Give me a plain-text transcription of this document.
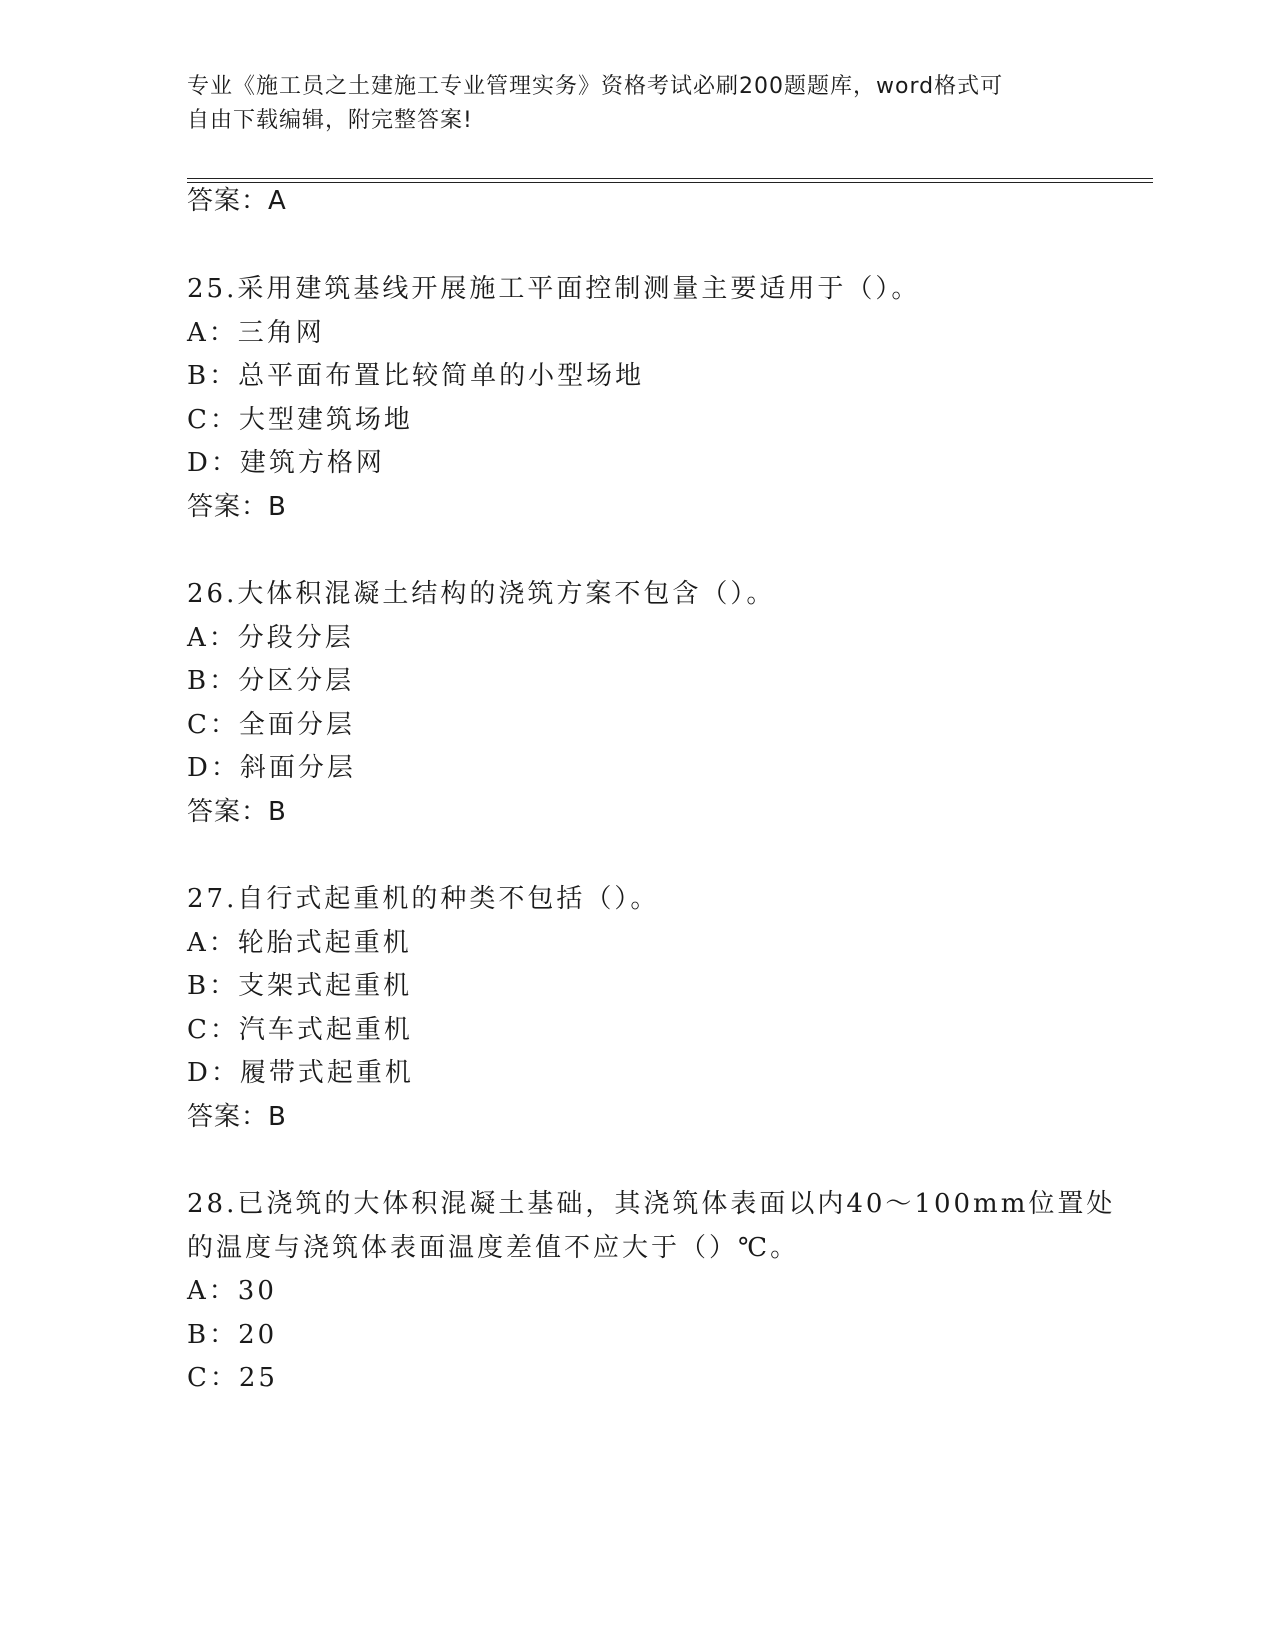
专业《施工员之土建施工专业管理实务》资格考试必刷200题题库，word格式可
自由下载编辑，附完整答案!
答案：A
25.采用建筑基线开展施工平面控制测量主要适用于（）。
A：三角网
B：总平面布置比较简单的小型场地
C：大型建筑场地
D：建筑方格网
答案：B
26.大体积混凝土结构的浇筑方案不包含（）。
A：分段分层
B：分区分层
C：全面分层
D：斜面分层
答案：B
27.自行式起重机的种类不包括（）。
A：轮胎式起重机
B：支架式起重机
C：汽车式起重机
D：履带式起重机
答案：B
28.已浇筑的大体积混凝土基础，其浇筑体表面以内40～100mm位置处
的温度与浇筑体表面温度差值不应大于（）℃。
A：30
B：20
C：25
